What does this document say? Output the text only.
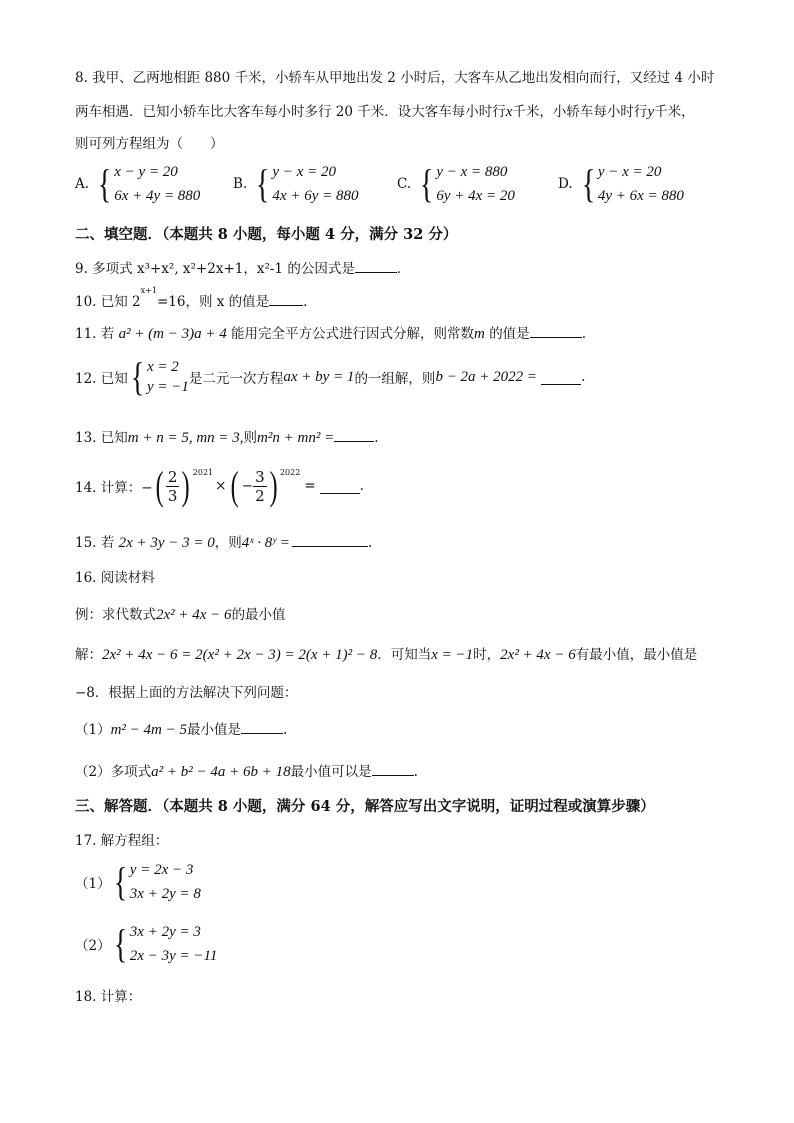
8. 我甲、乙两地相距 880 千米，小轿车从甲地出发 2 小时后，大客车从乙地出发相向而行，又经过 4 小时
两车相遇．已知小轿车比大客车每小时多行 20 千米．设大客车每小时行x千米，小轿车每小时行y千米，
则可列方程组为（　　）
A. { x − y = 20
6x + 4y = 880
B. { y − x = 20
4x + 6y = 880
C. { y − x = 880
6y + 4x = 20
D. { y − x = 20
4y + 6x = 880
二、填空题．（本题共 8 小题，每小题 4 分，满分 32 分）
9. 多项式 x³+x², x²+2x+1，x²-1 的公因式是	．
10. 已知 $2^{x+1}=16$，则 x 的值是	.
11. 若 a² + (m − 3)a + 4 能用完全平方公式进行因式分解，则常数m 的值是	.
12. 已知 { x = 2
y = −1 是二元一次方程 ax + by = 1 的一组解，则 b − 2a + 2022 =	.
13. 已知m + n = 5, mn = 3,则m²n + mn² =	.
14. 计算：− ( $\frac{2}{3}$ ) $^{2021}$
× ( − $\frac{3}{2}$ ) $^{2022}$
=	.
15. 若 2x + 3y − 3 = 0，则4ˣ · 8ʸ =	.
16. 阅读材料
例：求代数式2x² + 4x − 6的最小值
解：2x² + 4x − 6 = 2(x² + 2x − 3) = 2(x + 1)² − 8．可知当x = −1时，2x² + 4x − 6有最小值，最小值是
−8．根据上面的方法解决下列问题：
（1）m² − 4m − 5最小值是	.
（2）多项式a² + b² − 4a + 6b + 18最小值可以是	.
三、解答题．（本题共 8 小题，满分 64 分，解答应写出文字说明，证明过程或演算步骤）
17. 解方程组：
（1） { y = 2x − 3
3x + 2y = 8
（2） { 3x + 2y = 3
2x − 3y = −11
18. 计算：
